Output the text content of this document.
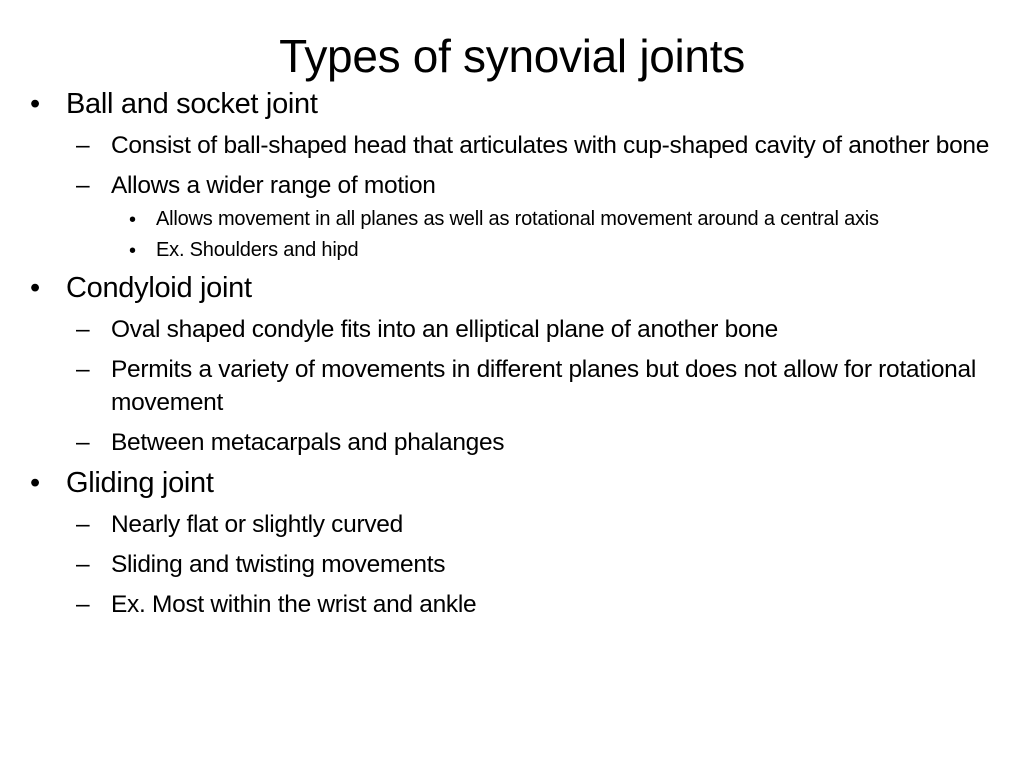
Types of synovial joints
• Ball and socket joint
– Consist of ball-shaped head that articulates with cup-shaped cavity of another bone
– Allows a wider range of motion
• Allows movement in all planes as well as rotational movement around a central axis
• Ex. Shoulders and hipd
• Condyloid joint
– Oval shaped condyle fits into an elliptical plane of another bone
– Permits a variety of movements in different planes but does not allow for rotational movement
– Between metacarpals and phalanges
• Gliding joint
– Nearly flat or slightly curved
– Sliding and twisting movements
– Ex. Most within the wrist and ankle
